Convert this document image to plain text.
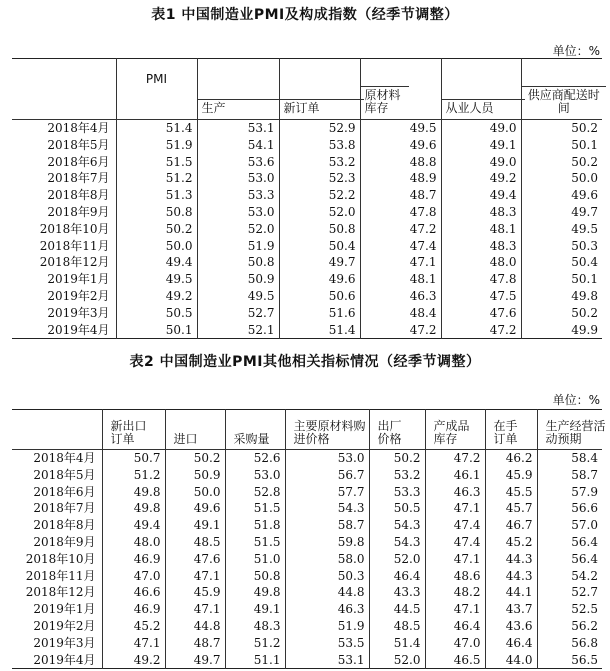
表1 中国制造业PMI及构成指数（经季节调整）
单位：%
	PMI	生产	新订单	原材料库存	从业人员	供应商配送时间

2018年4月	51.4	53.1	52.9	49.5	49.0	50.2
2018年5月	51.9	54.1	53.8	49.6	49.1	50.1
2018年6月	51.5	53.6	53.2	48.8	49.0	50.2
2018年7月	51.2	53.0	52.3	48.9	49.2	50.0
2018年8月	51.3	53.3	52.2	48.7	49.4	49.6
2018年9月	50.8	53.0	52.0	47.8	48.3	49.7
2018年10月	50.2	52.0	50.8	47.2	48.1	49.5
2018年11月	50.0	51.9	50.4	47.4	48.3	50.3
2018年12月	49.4	50.8	49.7	47.1	48.0	50.4
2019年1月	49.5	50.9	49.6	48.1	47.8	50.1
2019年2月	49.2	49.5	50.6	46.3	47.5	49.8
2019年3月	50.5	52.7	51.6	48.4	47.6	50.2
2019年4月	50.1	52.1	51.4	47.2	47.2	49.9
表2 中国制造业PMI其他相关指标情况（经季节调整）
单位：%

	新出口订单	进口	采购量	主要原材料购进价格	出厂价格	产成品库存	在手订单	生产经营活动预期

2018年4月	50.7	50.2	52.6	53.0	50.2	47.2	46.2	58.4
2018年5月	51.2	50.9	53.0	56.7	53.2	46.1	45.9	58.7
2018年6月	49.8	50.0	52.8	57.7	53.3	46.3	45.5	57.9
2018年7月	49.8	49.6	51.5	54.3	50.5	47.1	45.7	56.6
2018年8月	49.4	49.1	51.8	58.7	54.3	47.4	46.7	57.0
2018年9月	48.0	48.5	51.5	59.8	54.3	47.4	45.2	56.4
2018年10月	46.9	47.6	51.0	58.0	52.0	47.1	44.3	56.4
2018年11月	47.0	47.1	50.8	50.3	46.4	48.6	44.3	54.2
2018年12月	46.6	45.9	49.8	44.8	43.3	48.2	44.1	52.7
2019年1月	46.9	47.1	49.1	46.3	44.5	47.1	43.7	52.5
2019年2月	45.2	44.8	48.3	51.9	48.5	46.4	43.6	56.2
2019年3月	47.1	48.7	51.2	53.5	51.4	47.0	46.4	56.8
2019年4月	49.2	49.7	51.1	53.1	52.0	46.5	44.0	56.5
